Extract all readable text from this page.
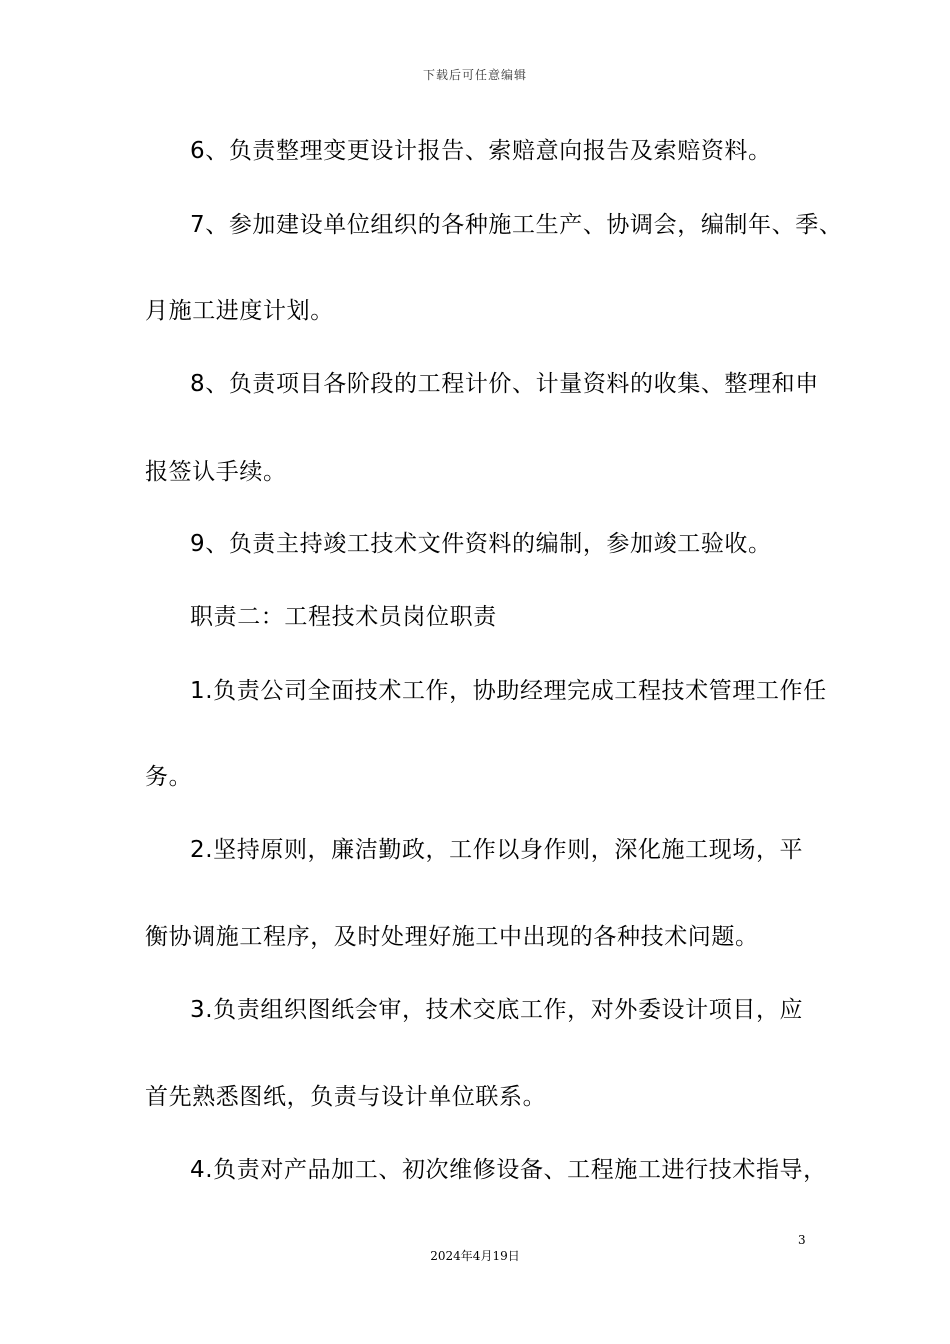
下载后可任意编辑
6、负责整理变更设计报告、索赔意向报告及索赔资料。
7、参加建设单位组织的各种施工生产、协调会，编制年、季、
月施工进度计划。
8、负责项目各阶段的工程计价、计量资料的收集、整理和申
报签认手续。
9、负责主持竣工技术文件资料的编制，参加竣工验收。
职责二：工程技术员岗位职责
1.负责公司全面技术工作，协助经理完成工程技术管理工作任
务。
2.坚持原则，廉洁勤政，工作以身作则，深化施工现场，平
衡协调施工程序，及时处理好施工中出现的各种技术问题。
3.负责组织图纸会审，技术交底工作，对外委设计项目，应
首先熟悉图纸，负责与设计单位联系。
4.负责对产品加工、初次维修设备、工程施工进行技术指导，
3
2024年4月19日
